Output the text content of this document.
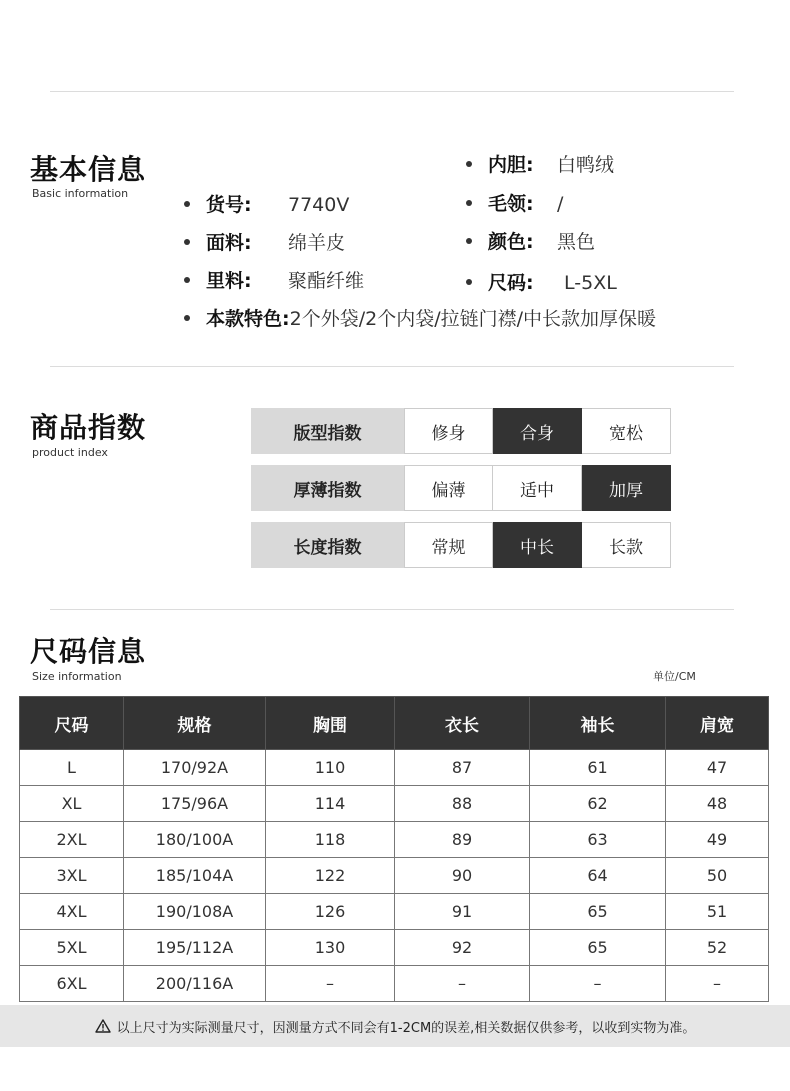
基本信息
Basic information
货号: 7740V
面料: 绵羊皮
里料: 聚酯纤维
内胆: 白鸭绒
毛领: /
颜色: 黑色
尺码: L-5XL
本款特色:2个外袋/2个内袋/拉链门襟/中长款加厚保暖
商品指数
product index
版型指数	修身	合身	宽松
厚薄指数	偏薄	适中	加厚
长度指数	常规	中长	长款
尺码信息
Size information	单位/CM
尺码	规格	胸围	衣长	袖长	肩宽
L	170/92A	110	87	61	47
XL	175/96A	114	88	62	48
2XL	180/100A	118	89	63	49
3XL	185/104A	122	90	64	50
4XL	190/108A	126	91	65	51
5XL	195/112A	130	92	65	52
6XL	200/116A	–	–	–	–
以上尺寸为实际测量尺寸，因测量方式不同会有1-2CM的误差,相关数据仅供参考，以收到实物为准。
